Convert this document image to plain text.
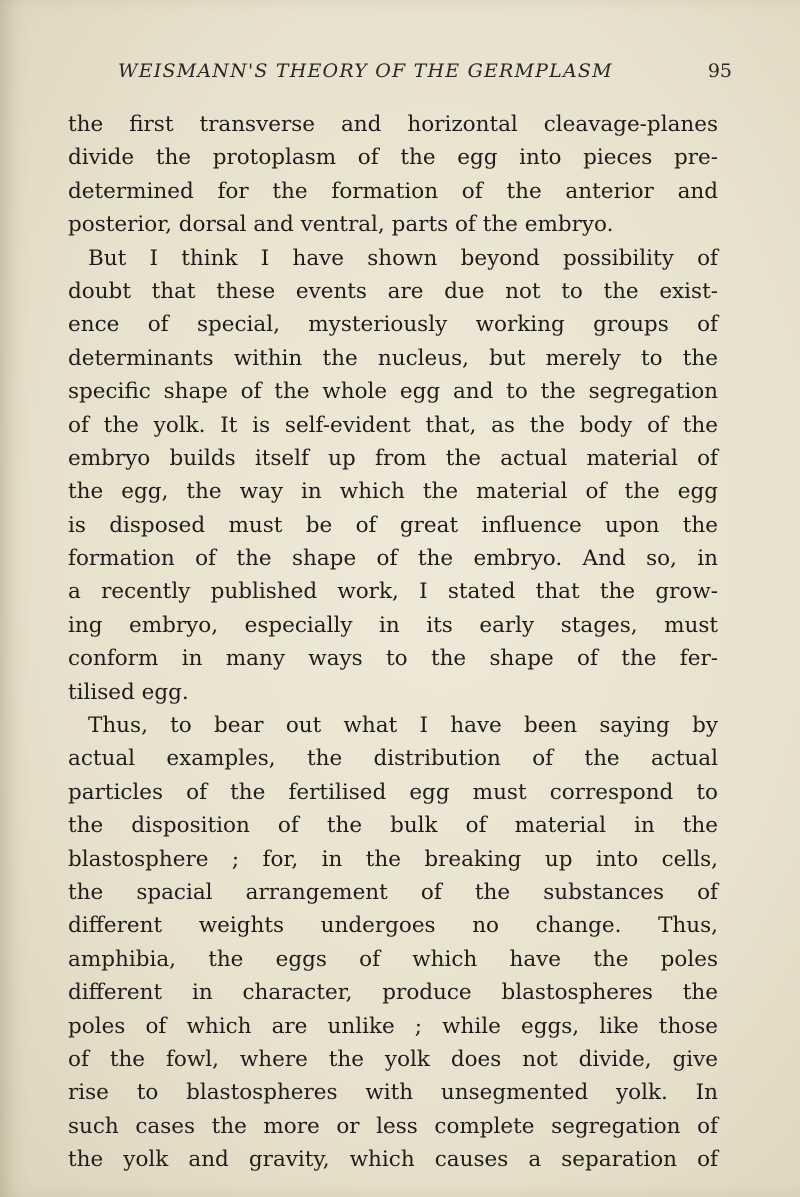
WEISMANN'S THEORY OF THE GERMPLASM	95
the first transverse and horizontal cleavage-planes
divide the protoplasm of the egg into pieces pre-
determined for the formation of the anterior and
posterior, dorsal and ventral, parts of the embryo.
But I think I have shown beyond possibility of
doubt that these events are due not to the exist-
ence of special, mysteriously working groups of
determinants within the nucleus, but merely to the
specific shape of the whole egg and to the segregation
of the yolk. It is self-evident that, as the body of the
embryo builds itself up from the actual material of
the egg, the way in which the material of the egg
is disposed must be of great influence upon the
formation of the shape of the embryo. And so, in
a recently published work, I stated that the grow-
ing embryo, especially in its early stages, must
conform in many ways to the shape of the fer-
tilised egg.
Thus, to bear out what I have been saying by
actual examples, the distribution of the actual
particles of the fertilised egg must correspond to
the disposition of the bulk of material in the
blastosphere ; for, in the breaking up into cells,
the spacial arrangement of the substances of
different weights undergoes no change. Thus,
amphibia, the eggs of which have the poles
different in character, produce blastospheres the
poles of which are unlike ; while eggs, like those
of the fowl, where the yolk does not divide, give
rise to blastospheres with unsegmented yolk. In
such cases the more or less complete segregation of
the yolk and gravity, which causes a separation of
